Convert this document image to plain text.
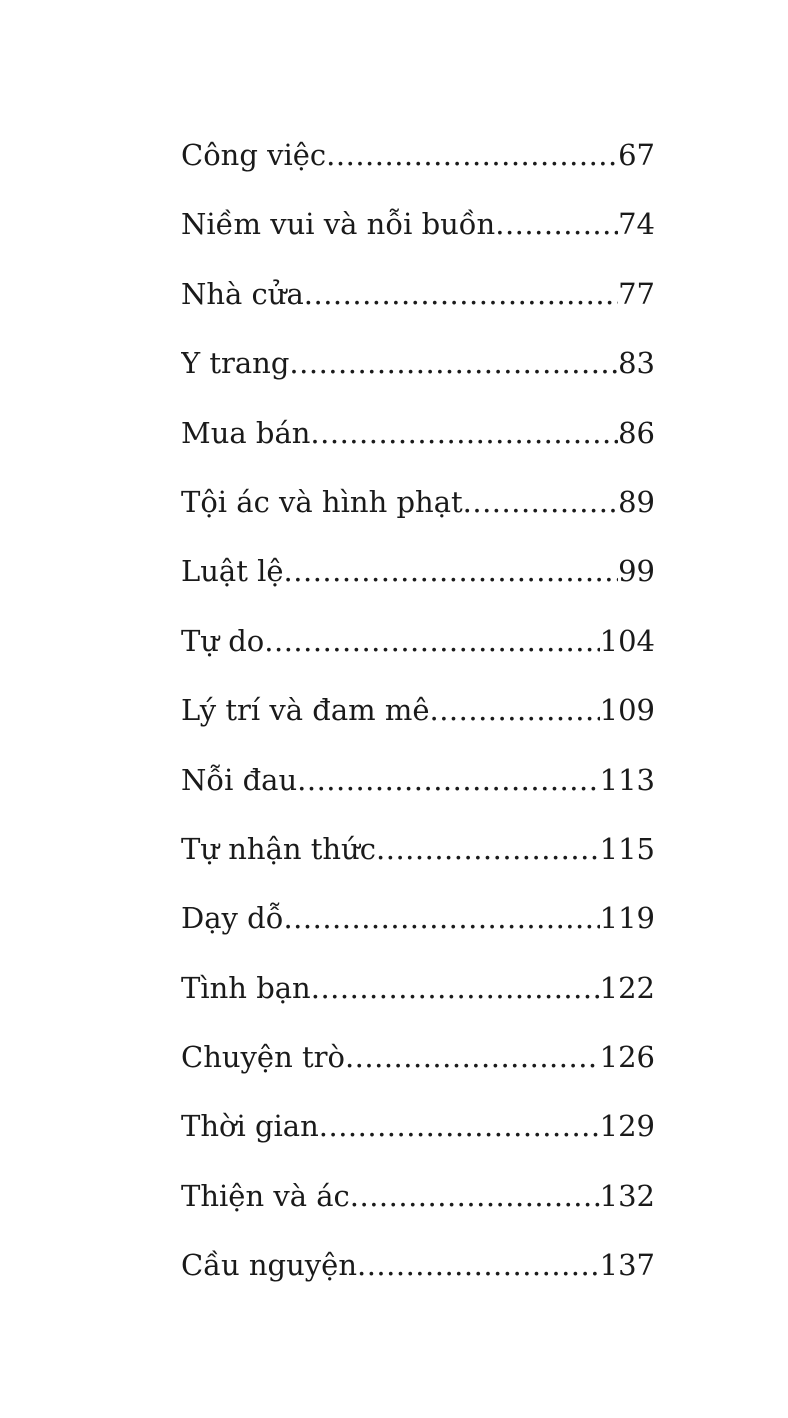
Công việc .....	67
Niềm vui và nỗi buồn .....	74
Nhà cửa .....	77
Y trang .....	83
Mua bán .....	86
Tội ác và hình phạt .....	89
Luật lệ .....	99
Tự do .....	104
Lý trí và đam mê .....	109
Nỗi đau .....	113
Tự nhận thức .....	115
Dạy dỗ .....	119
Tình bạn .....	122
Chuyện trò .....	126
Thời gian .....	129
Thiện và ác .....	132
Cầu nguyện .....	137
